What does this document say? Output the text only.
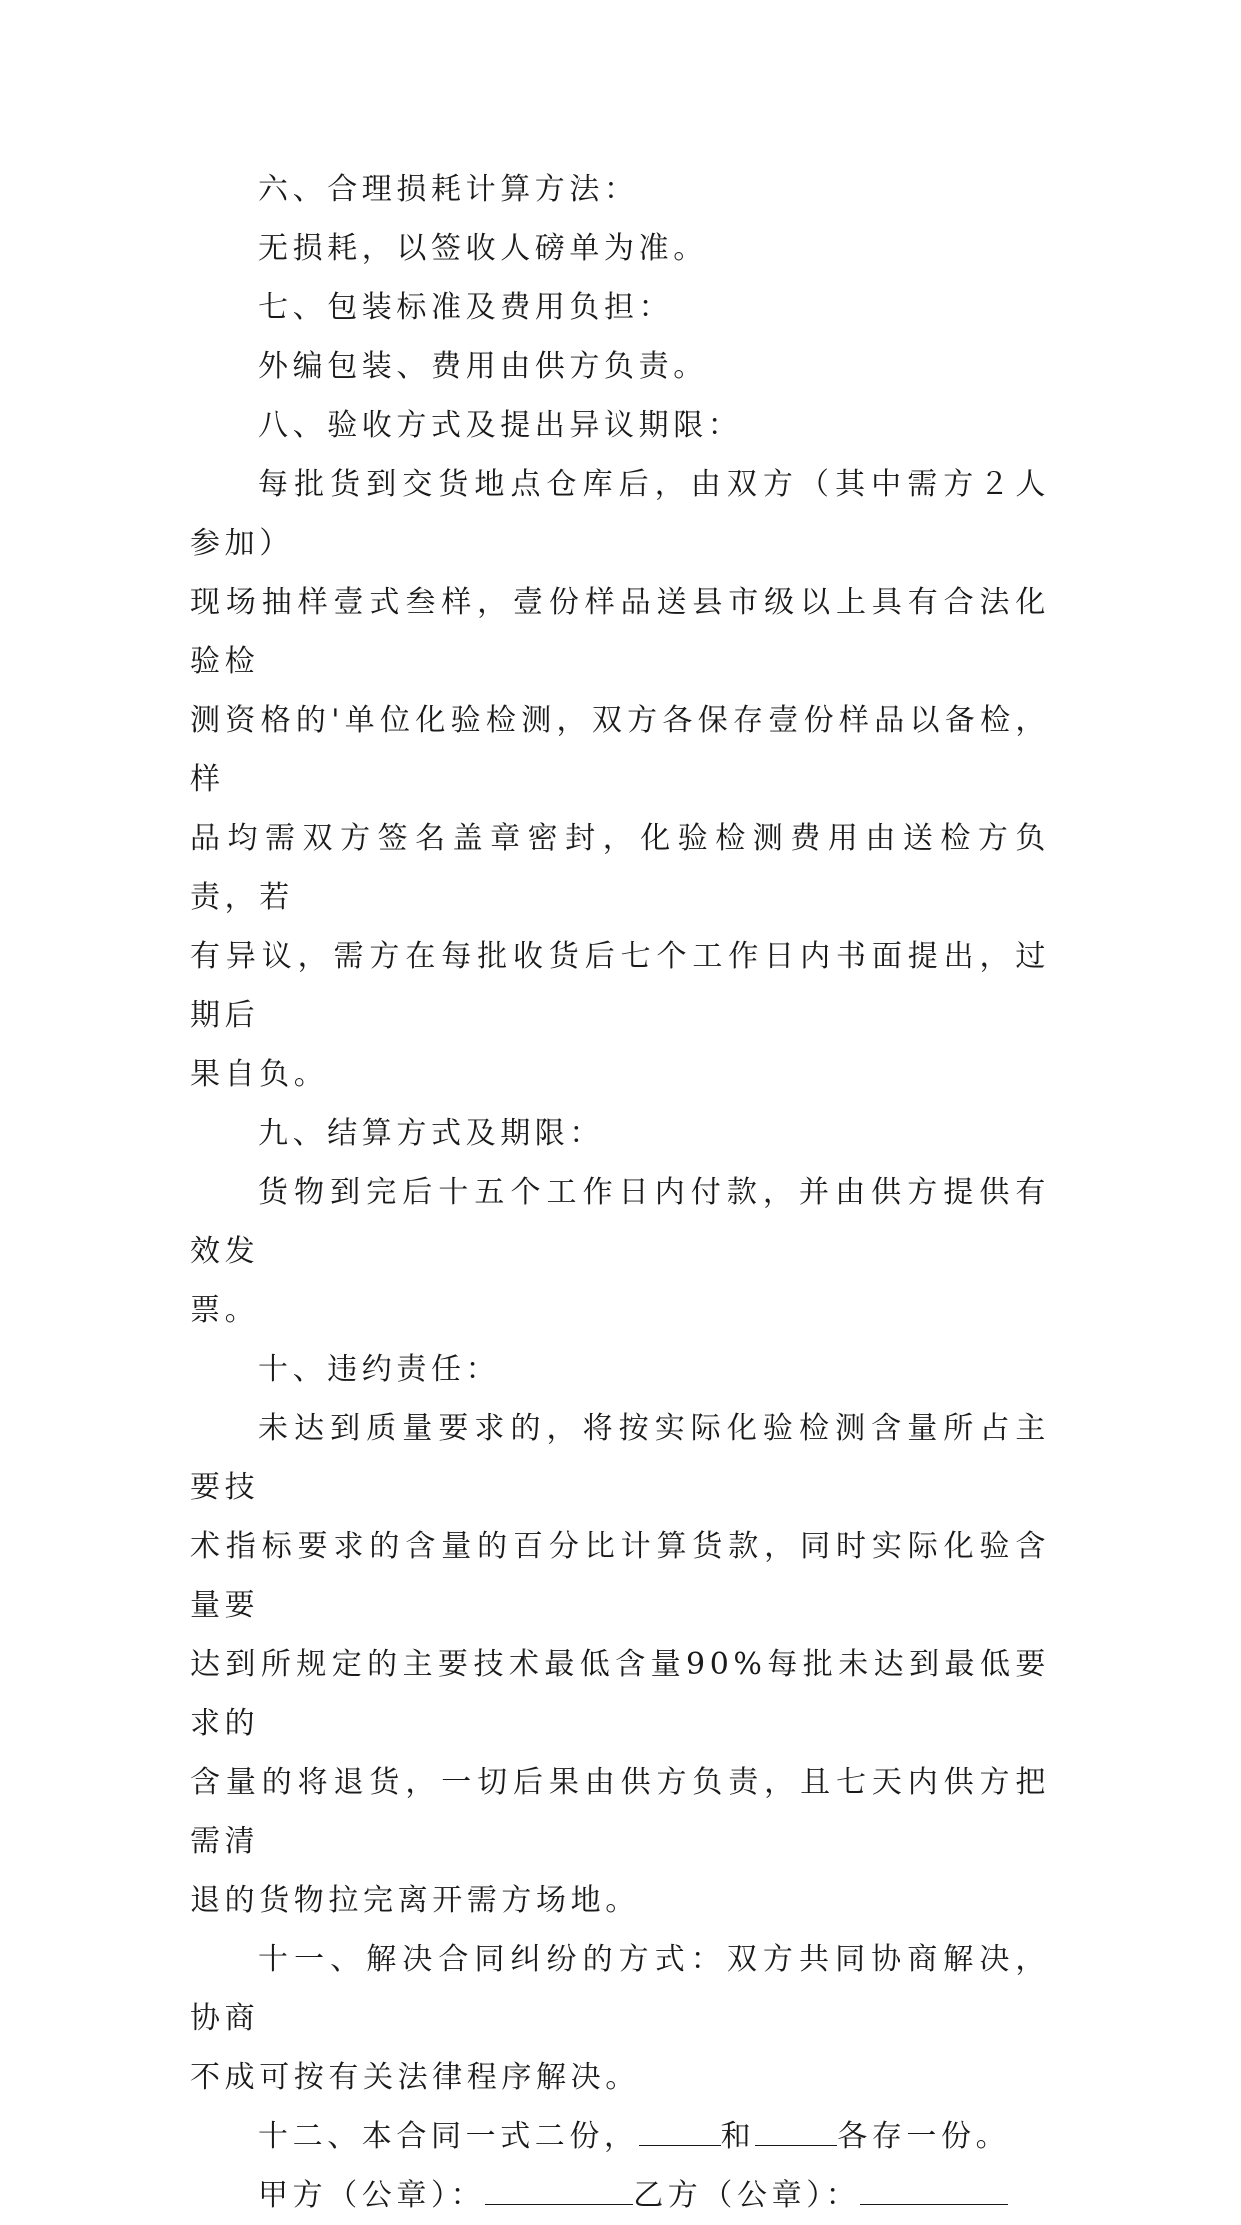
六、合理损耗计算方法：

无损耗，以签收人磅单为准。

七、包装标准及费用负担：

外编包装、费用由供方负责。

八、验收方式及提出异议期限：

每批货到交货地点仓库后，由双方（其中需方２人参加）
现场抽样壹式叁样，壹份样品送县市级以上具有合法化验检
测资格的'单位化验检测，双方各保存壹份样品以备检，样
品均需双方签名盖章密封，化验检测费用由送检方负责，若
有异议，需方在每批收货后七个工作日内书面提出，过期后
果自负。

九、结算方式及期限：

货物到完后十五个工作日内付款，并由供方提供有效发
票。

十、违约责任：

未达到质量要求的，将按实际化验检测含量所占主要技
术指标要求的含量的百分比计算货款，同时实际化验含量要
达到所规定的主要技术最低含量90%每批未达到最低要求的
含量的将退货，一切后果由供方负责，且七天内供方把需清
退的货物拉完离开需方场地。

十一、解决合同纠纷的方式：双方共同协商解决，协商
不成可按有关法律程序解决。

十二、本合同一式二份，	和	各存一份。

甲方（公章）：	乙方（公章）：
